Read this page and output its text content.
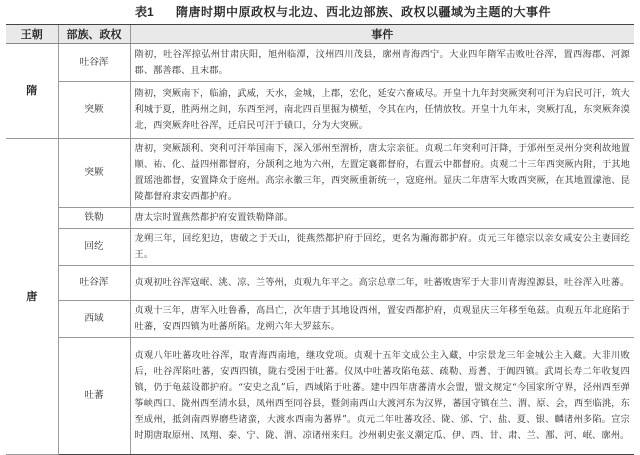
表1 隋唐时期中原政权与北边、西北边部族、政权以疆域为主题的大事件
王朝	部族、政权	事件
隋	吐谷浑	隋初，吐谷浑掠弘州甘肃庆阳，旭州临潭，汶州四川茂县，廓州青海西宁。大业四年隋军击败吐谷浑，置西海郡、河源郡、鄯善郡、且末郡。
	突厥	隋初，突厥南下，临渝，武威，天水，金城，上郡，宏化，延安六畜咸尽。开皇十九年封突厥突利可汗为启民可汗，筑大利城于夏，胜两州之间，东西至河，南北四百里掘为横堑，令其在内，任情放牧。开皇十九年末，突厥打乱，东突厥奔漠北，西突厥奔吐谷浑，迁启民可汗于碛口，分为大突厥。
唐	突厥	唐初，突厥颉利、突利可汗举国南下，深入邠州至渭桥，唐太宗亲征。贞观二年突利可汗降，于邠州至灵州分突利故地置顺、祐、化、益四州都督府，分颉利之地为六州，左置定襄都督府，右置云中都督府。贞观二十三年西突厥内附，于其地置瑶池都督，安置降众于庭州。高宗永徽三年，西突厥重新统一，寇庭州。显庆二年唐军大败西突厥，在其地置濛池、昆陵都督府隶安西都护府。
	铁勒	唐太宗时置燕然都护府安置铁勒降部。
	回纥	龙朔三年，回纥犯边，唐破之于天山，徙燕然都护府于回纥，更名为瀚海都护府。贞元三年德宗以亲女咸安公主妻回纥王。
	吐谷浑	贞观初吐谷浑寇岷、洮、凉、兰等州，贞观九年平之。高宗总章二年，吐蕃败唐军于大非川青海湟源县，吐谷浑入吐蕃。
	西域	贞观十三年，唐军入吐鲁番，高昌亡，次年唐于其地设西州，置安西都护府，贞观显庆三年移至龟兹。贞观五年北庭陷于吐蕃，安西四镇为吐蕃所陷。龙朔六年大罗兹东。
	吐蕃	贞观八年吐蕃攻吐谷浑，取青海西南地，继攻党项。贞观十五年文成公主入藏，中宗景龙三年金城公主入藏。大非川败后，吐谷浑陷吐蕃，安西四镇，陇右受困于吐蕃。仪凤中吐蕃攻陷龟兹、疏勒、焉耆、于阗四镇。武周长寿二年收复四镇，仍于龟兹设都护府。“安史之乱”后，西域陷于吐蕃。建中四年唐蕃清水会盟，盟文规定“今国家所守界，泾州西至弹筝峡西口、陇州西至清水县，凤州西至同谷县，暨剑南西山大渡河东为汉界，蕃国守镇在兰、渭、原、会，西至临洮，东至成州，抵剑南西界磨些诸蛮，大渡水西南为蕃界”。贞元二年吐蕃攻泾、陇、邠、宁、盐、夏、银、麟诸州多陷。宣宗时期唐取原州、凤翔、泰、宁、陇、渭、凉诸州来归。沙州刺史张义潮定瓜、伊、西、甘、肃、兰、鄯、河、岷、廓州。
